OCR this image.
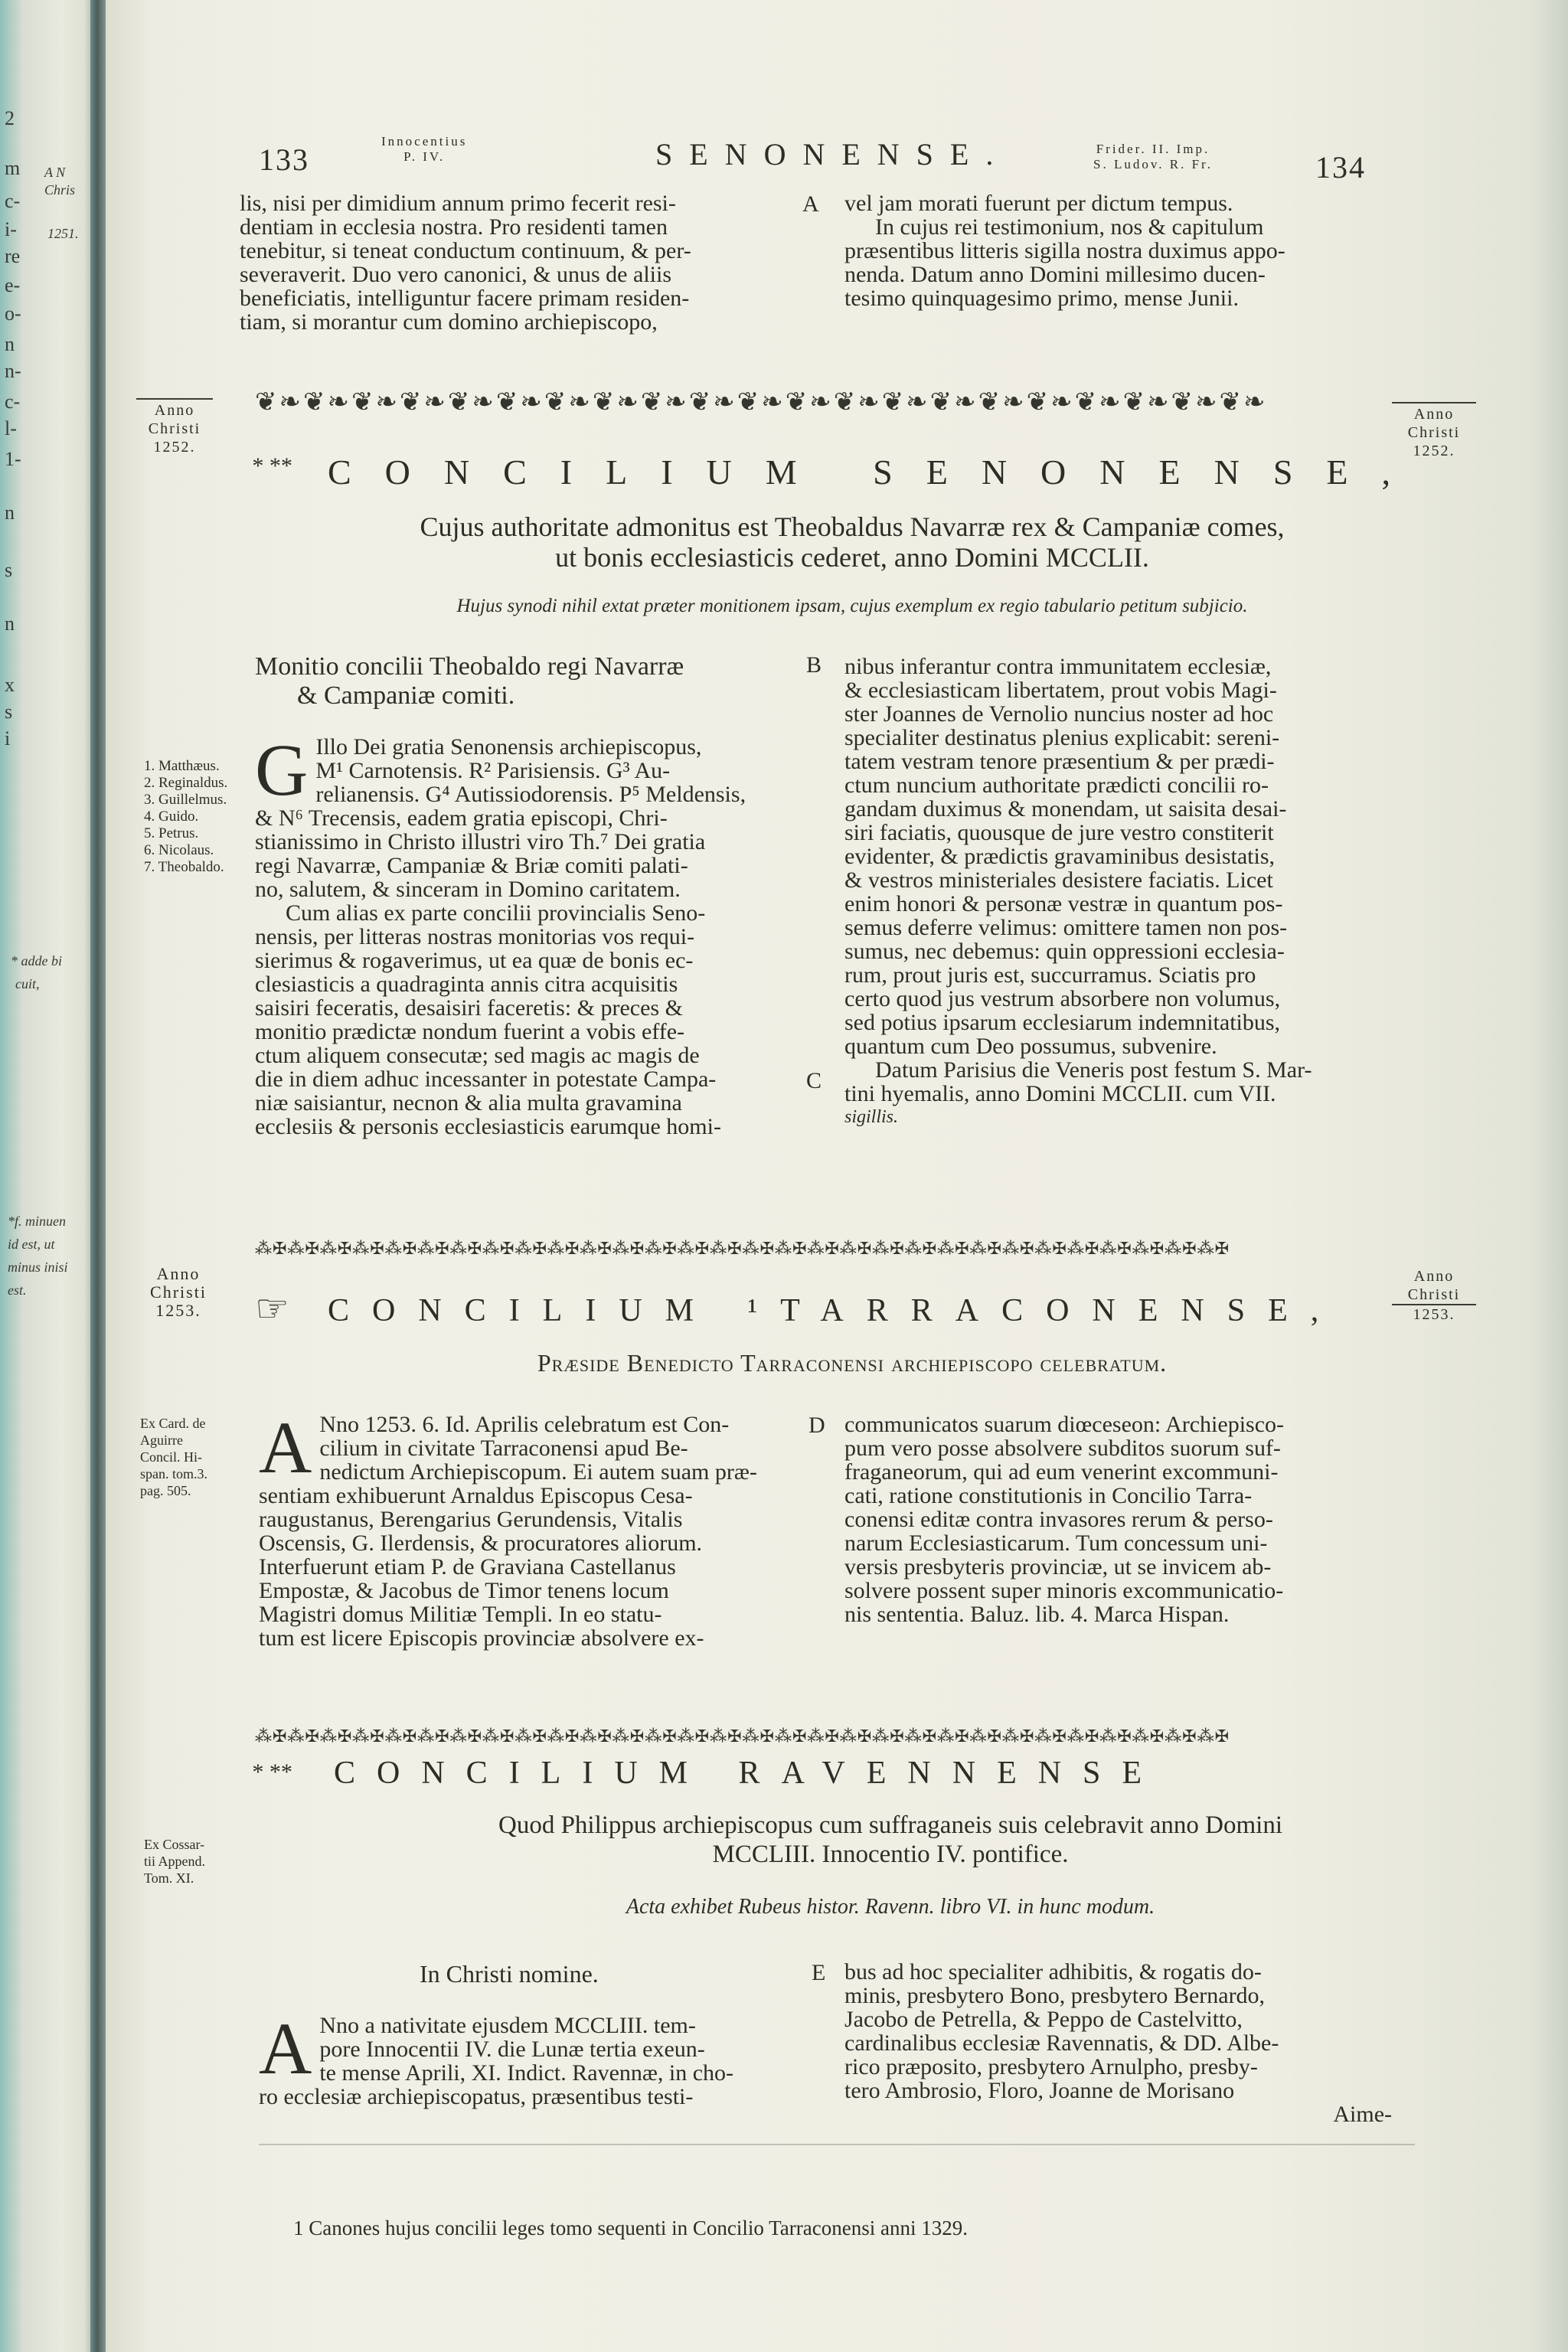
2
m
c-
i-
re
e-
o-
n
n-
c-
l-
1-
n
s
n
x
s
i
A N
Chris
1251.
* adde bi
cuit,
*f. minuen
id est, ut
minus inisi
est.
133
Innocentius
P. IV.	SENONENSE.	Frider. II. Imp.
S. Ludov. R. Fr.	134
lis, nisi per dimidium annum primo fecerit resi-
dentiam in ecclesia nostra. Pro residenti tamen
tenebitur, si teneat conductum continuum, & per-
severaverit. Duo vero canonici, & unus de aliis
beneficiatis, intelliguntur facere primam residen-
tiam, si morantur cum domino archiepiscopo,
A vel jam morati fuerunt per dictum tempus.
In cujus rei testimonium, nos & capitulum
præsentibus litteris sigilla nostra duximus appo-
nenda. Datum anno Domini millesimo ducen-
tesimo quinquagesimo primo, mense Junii.
Anno
Christi
1252.
❦❧❦❧❦❧❦❧❦❧❦❧❦❧❦❧❦❧❦❧❦❧❦❧❦❧❦❧❦❧❦❧❦❧❦❧❦❧❦❧❦❧	Anno
Christi
1252.
* ** CONCILIUM SENONENSE,
Cujus authoritate admonitus est Theobaldus Navarræ rex & Campaniæ comes,
ut bonis ecclesiasticis cederet, anno Domini MCCLII.
Hujus synodi nihil extat præter monitionem ipsam, cujus exemplum ex regio tabulario petitum subjicio.
Monitio concilii Theobaldo regi Navarræ
& Campaniæ comiti.
B
1. Matthæus.
2. Reginaldus.
3. Guillelmus.
4. Guido.
5. Petrus.
6. Nicolaus.
7. Theobaldo.
G Illo Dei gratia Senonensis archiepiscopus,
M¹ Carnotensis. R² Parisiensis. G³ Au-
relianensis. G⁴ Autissiodorensis. P⁵ Meldensis,
& N⁶ Trecensis, eadem gratia episcopi, Chri-
stianissimo in Christo illustri viro Th.⁷ Dei gratia
regi Navarræ, Campaniæ & Briæ comiti palati-
no, salutem, & sinceram in Domino caritatem.
Cum alias ex parte concilii provincialis Seno-
nensis, per litteras nostras monitorias vos requi-
sierimus & rogaverimus, ut ea quæ de bonis ec-
clesiasticis a quadraginta annis citra acquisitis
saisiri feceratis, desaisiri faceretis: & preces &
monitio prædictæ nondum fuerint a vobis effe-
ctum aliquem consecutæ; sed magis ac magis de
die in diem adhuc incessanter in potestate Campa-
niæ saisiantur, necnon & alia multa gravamina
ecclesiis & personis ecclesiasticis earumque homi-
C
nibus inferantur contra immunitatem ecclesiæ,
& ecclesiasticam libertatem, prout vobis Magi-
ster Joannes de Vernolio nuncius noster ad hoc
specialiter destinatus plenius explicabit: sereni-
tatem vestram tenore præsentium & per prædi-
ctum nuncium authoritate prædicti concilii ro-
gandam duximus & monendam, ut saisita desai-
siri faciatis, quousque de jure vestro constiterit
evidenter, & prædictis gravaminibus desistatis,
& vestros ministeriales desistere faciatis. Licet
enim honori & personæ vestræ in quantum pos-
semus deferre velimus: omittere tamen non pos-
sumus, nec debemus: quin oppressioni ecclesia-
rum, prout juris est, succurramus. Sciatis pro
certo quod jus vestrum absorbere non volumus,
sed potius ipsarum ecclesiarum indemnitatibus,
quantum cum Deo possumus, subvenire.
Datum Parisius die Veneris post festum S. Mar-
tini hyemalis, anno Domini MCCLII. cum VII.
sigillis.
⁂✠⁂✠⁂✠⁂✠⁂✠⁂✠⁂✠⁂✠⁂✠⁂✠⁂✠⁂✠⁂✠⁂✠⁂✠⁂✠⁂✠⁂✠⁂✠⁂✠⁂✠⁂✠⁂✠⁂✠⁂✠⁂✠⁂✠⁂✠⁂✠⁂✠
Anno
Christi
1253.
Anno
Christi
1253.
☞ CONCILIUM ¹TARRACONENSE,
Præside Benedicto Tarraconensi archiepiscopo celebratum.
Ex Card. de
Aguirre
Concil. Hi-
span. tom.3.
pag. 505.
A Nno 1253. 6. Id. Aprilis celebratum est Con-
cilium in civitate Tarraconensi apud Be-
nedictum Archiepiscopum. Ei autem suam præ-
sentiam exhibuerunt Arnaldus Episcopus Cesa-
raugustanus, Berengarius Gerundensis, Vitalis
Oscensis, G. Ilerdensis, & procuratores aliorum.
Interfuerunt etiam P. de Graviana Castellanus
Empostæ, & Jacobus de Timor tenens locum
Magistri domus Militiæ Templi. In eo statu-
tum est licere Episcopis provinciæ absolvere ex-
D communicatos suarum diœceseon: Archiepisco-
pum vero posse absolvere subditos suorum suf-
fraganeorum, qui ad eum venerint excommuni-
cati, ratione constitutionis in Concilio Tarra-
conensi editæ contra invasores rerum & perso-
narum Ecclesiasticarum. Tum concessum uni-
versis presbyteris provinciæ, ut se invicem ab-
solvere possent super minoris excommunicatio-
nis sententia. Baluz. lib. 4. Marca Hispan.
⁂✠⁂✠⁂✠⁂✠⁂✠⁂✠⁂✠⁂✠⁂✠⁂✠⁂✠⁂✠⁂✠⁂✠⁂✠⁂✠⁂✠⁂✠⁂✠⁂✠⁂✠⁂✠⁂✠⁂✠⁂✠⁂✠⁂✠⁂✠⁂✠⁂✠
* ** CONCILIUM RAVENNENSE
Quod Philippus archiepiscopus cum suffraganeis suis celebravit anno Domini
MCCLIII. Innocentio IV. pontifice.
Ex Cossar-
tii Append.
Tom. XI.
Acta exhibet Rubeus histor. Ravenn. libro VI. in hunc modum.
In Christi nomine.	E
A Nno a nativitate ejusdem MCCLIII. tem-
pore Innocentii IV. die Lunæ tertia exeun-
te mense Aprili, XI. Indict. Ravennæ, in cho-
ro ecclesiæ archiepiscopatus, præsentibus testi-
bus ad hoc specialiter adhibitis, & rogatis do-
minis, presbytero Bono, presbytero Bernardo,
Jacobo de Petrella, & Peppo de Castelvitto,
cardinalibus ecclesiæ Ravennatis, & DD. Albe-
rico præposito, presbytero Arnulpho, presby-
tero Ambrosio, Floro, Joanne de Morisano
Aime-
1 Canones hujus concilii leges tomo sequenti in Concilio Tarraconensi anni 1329.
